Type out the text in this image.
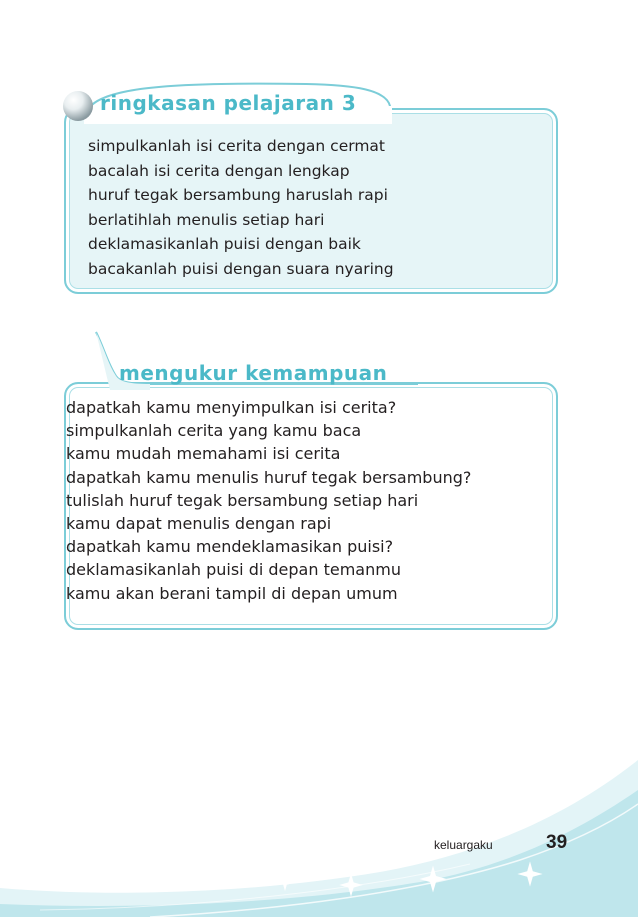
ringkasan pelajaran 3
simpulkanlah isi cerita dengan cermat
bacalah isi cerita dengan lengkap
huruf tegak bersambung haruslah rapi
berlatihlah menulis setiap hari
deklamasikanlah puisi dengan baik
bacakanlah puisi dengan suara nyaring
mengukur kemampuan
dapatkah kamu menyimpulkan isi cerita?
simpulkanlah cerita yang kamu baca
kamu mudah memahami isi cerita
dapatkah kamu menulis huruf tegak bersambung?
tulislah huruf tegak bersambung setiap hari
kamu dapat menulis dengan rapi
dapatkah kamu mendeklamasikan puisi?
deklamasikanlah puisi di depan temanmu
kamu akan berani tampil di depan umum
keluargaku	39
